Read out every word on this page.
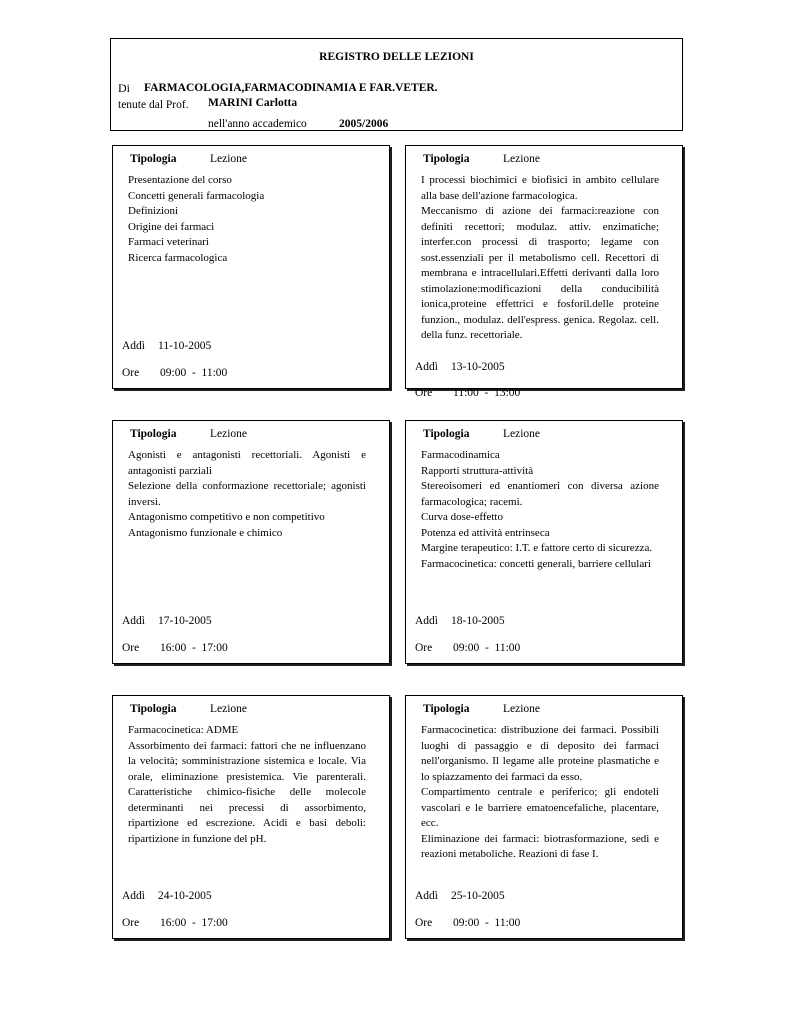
REGISTRO DELLE LEZIONI
Di FARMACOLOGIA,FARMACODINAMIA E FAR.VETER.
tenute dal Prof. MARINI Carlotta
nell'anno accademico	2005/2006
Tipologia	Lezione
Presentazione del corso
Concetti generali farmacologia
Definizioni
Origine dei farmaci
Farmaci veterinari
Ricerca farmacologica
Addì 11-10-2005
Ore 09:00  -  11:00
Tipologia	Lezione
I processi biochimici e biofisici in ambito cellulare alla base dell'azione farmacologica.
Meccanismo di azione dei farmaci:reazione con definiti recettori; modulaz. attiv. enzimatiche; interfer.con processi di trasporto; legame con sost.essenziali per il metabolismo cell. Recettori di membrana e intracellulari.Effetti derivanti dalla loro stimolazione:modificazioni della conducibilità ionica,proteine effettrici e fosforil.delle proteine funzion., modulaz. dell'espress. genica. Regolaz. cell. della funz. recettoriale.
Addì 13-10-2005
Ore 11:00  -  13:00
Tipologia	Lezione
Agonisti e antagonisti recettoriali. Agonisti e antagonisti parziali
Selezione della conformazione recettoriale; agonisti inversi.
Antagonismo competitivo e non competitivo
Antagonismo funzionale e chimico
Addì 17-10-2005
Ore 16:00  -  17:00
Tipologia	Lezione
Farmacodinamica
Rapporti struttura-attività
Stereoisomeri ed enantiomeri con diversa azione farmacologica; racemi.
Curva dose-effetto
Potenza ed attività entrinseca
Margine terapeutico: I.T. e fattore certo di sicurezza.
Farmacocinetica: concetti generali, barriere cellulari
Addì 18-10-2005
Ore 09:00  -  11:00
Tipologia	Lezione
Farmacocinetica: ADME
Assorbimento dei farmaci: fattori che ne influenzano la velocità; somministrazione sistemica e locale. Via orale, eliminazione presistemica. Vie parenterali. Caratteristiche chimico-fisiche delle molecole determinanti nei precessi di assorbimento, ripartizione ed escrezione. Acidi e basi deboli: ripartizione in funzione del pH.
Addì 24-10-2005
Ore 16:00  -  17:00
Tipologia	Lezione
Farmacocinetica: distribuzione dei farmaci. Possibili luoghi di passaggio e di deposito dei farmaci nell'organismo. Il legame alle proteine plasmatiche e lo spiazzamento dei farmaci da esso.
Compartimento centrale e periferico; gli endoteli vascolari e le barriere ematoencefaliche, placentare, ecc.
Eliminazione dei farmaci: biotrasformazione, sedi e reazioni metaboliche. Reazioni di fase I.
Addì 25-10-2005
Ore 09:00  -  11:00
